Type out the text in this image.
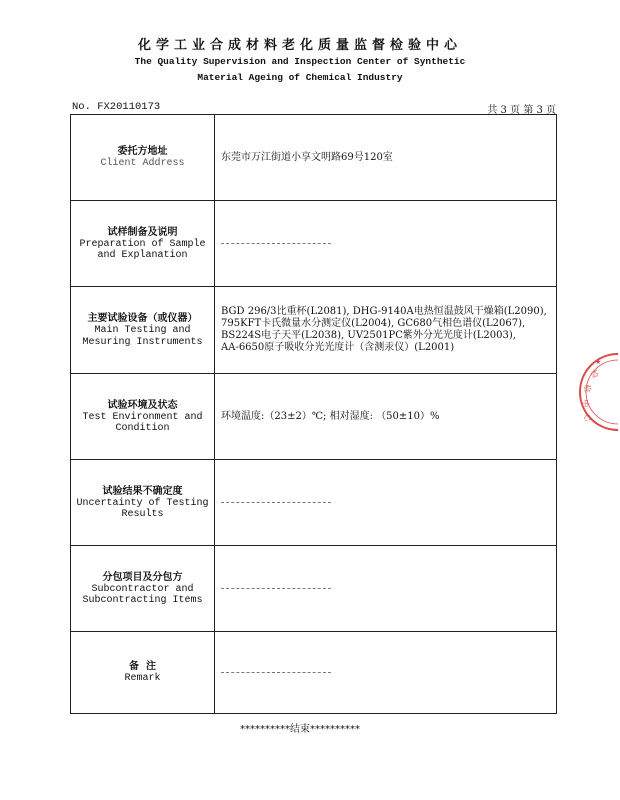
化学工业合成材料老化质量监督检验中心
The Quality Supervision and Inspection Center of Synthetic
Material Ageing of Chemical Industry
No. FX20110173	共 3 页 第 3 页
委托方地址
Client Address
东莞市万江街道小享文明路69号120室
试样制备及说明
Preparation of Sample
and Explanation
主要试验设备（或仪器）
Main Testing and
Mesuring Instruments
BGD 296/3比重杯(L2081), DHG-9140A电热恒温鼓风干燥箱(L2090),
795KFT卡氏微量水分测定仪(L2004), GC680气相色谱仪(L2067),
BS224S电子天平(L2038), UV2501PC紫外分光光度计(L2003),
AA-6650原子吸收分光光度计（含测汞仪）(L2001)
试验环境及状态
Test Environment and
Condition
环境温度:（23±2）℃; 相对湿度: （50±10）%
试验结果不确定度
Uncertainty of Testing
Results
分包项目及分包方
Subcontractor and
Subcontracting Items
备  注
Remark
**********结束**********
检
验
中
心
★
